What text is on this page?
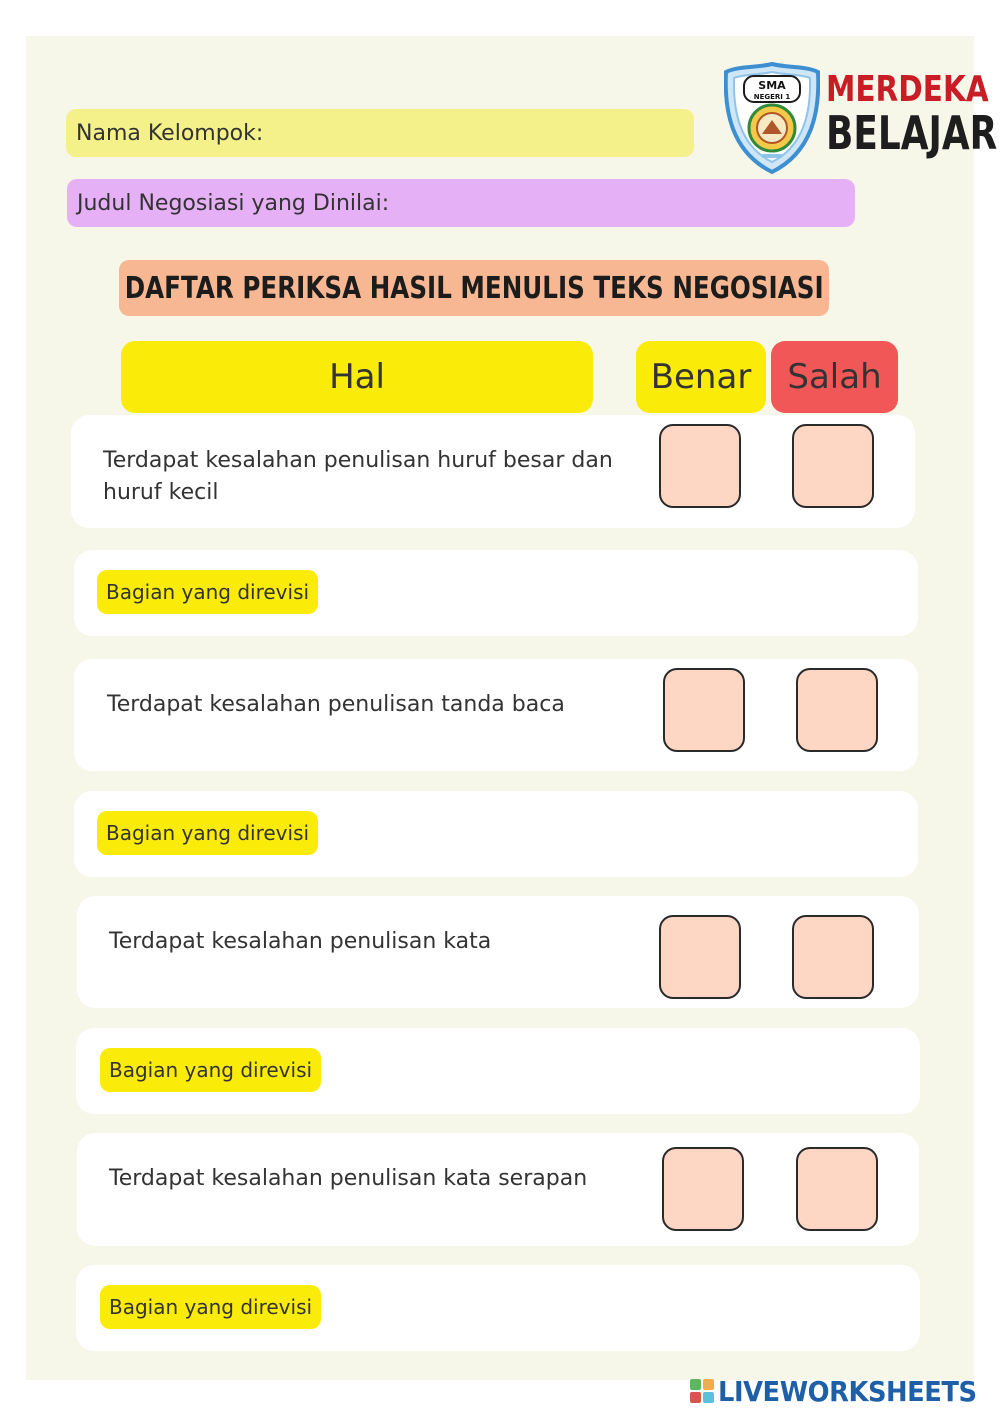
Nama Kelompok:
Judul Negosiasi yang Dinilai:
SMA
NEGERI 1 MERDEKA
BELAJAR
DAFTAR PERIKSA HASIL MENULIS TEKS NEGOSIASI
Hal	Benar Salah
Terdapat kesalahan penulisan huruf besar dan huruf kecil
Bagian yang direvisi
Terdapat kesalahan penulisan tanda baca
Bagian yang direvisi
Terdapat kesalahan penulisan kata
Bagian yang direvisi
Terdapat kesalahan penulisan kata serapan
Bagian yang direvisi
LIVEWORKSHEETS
